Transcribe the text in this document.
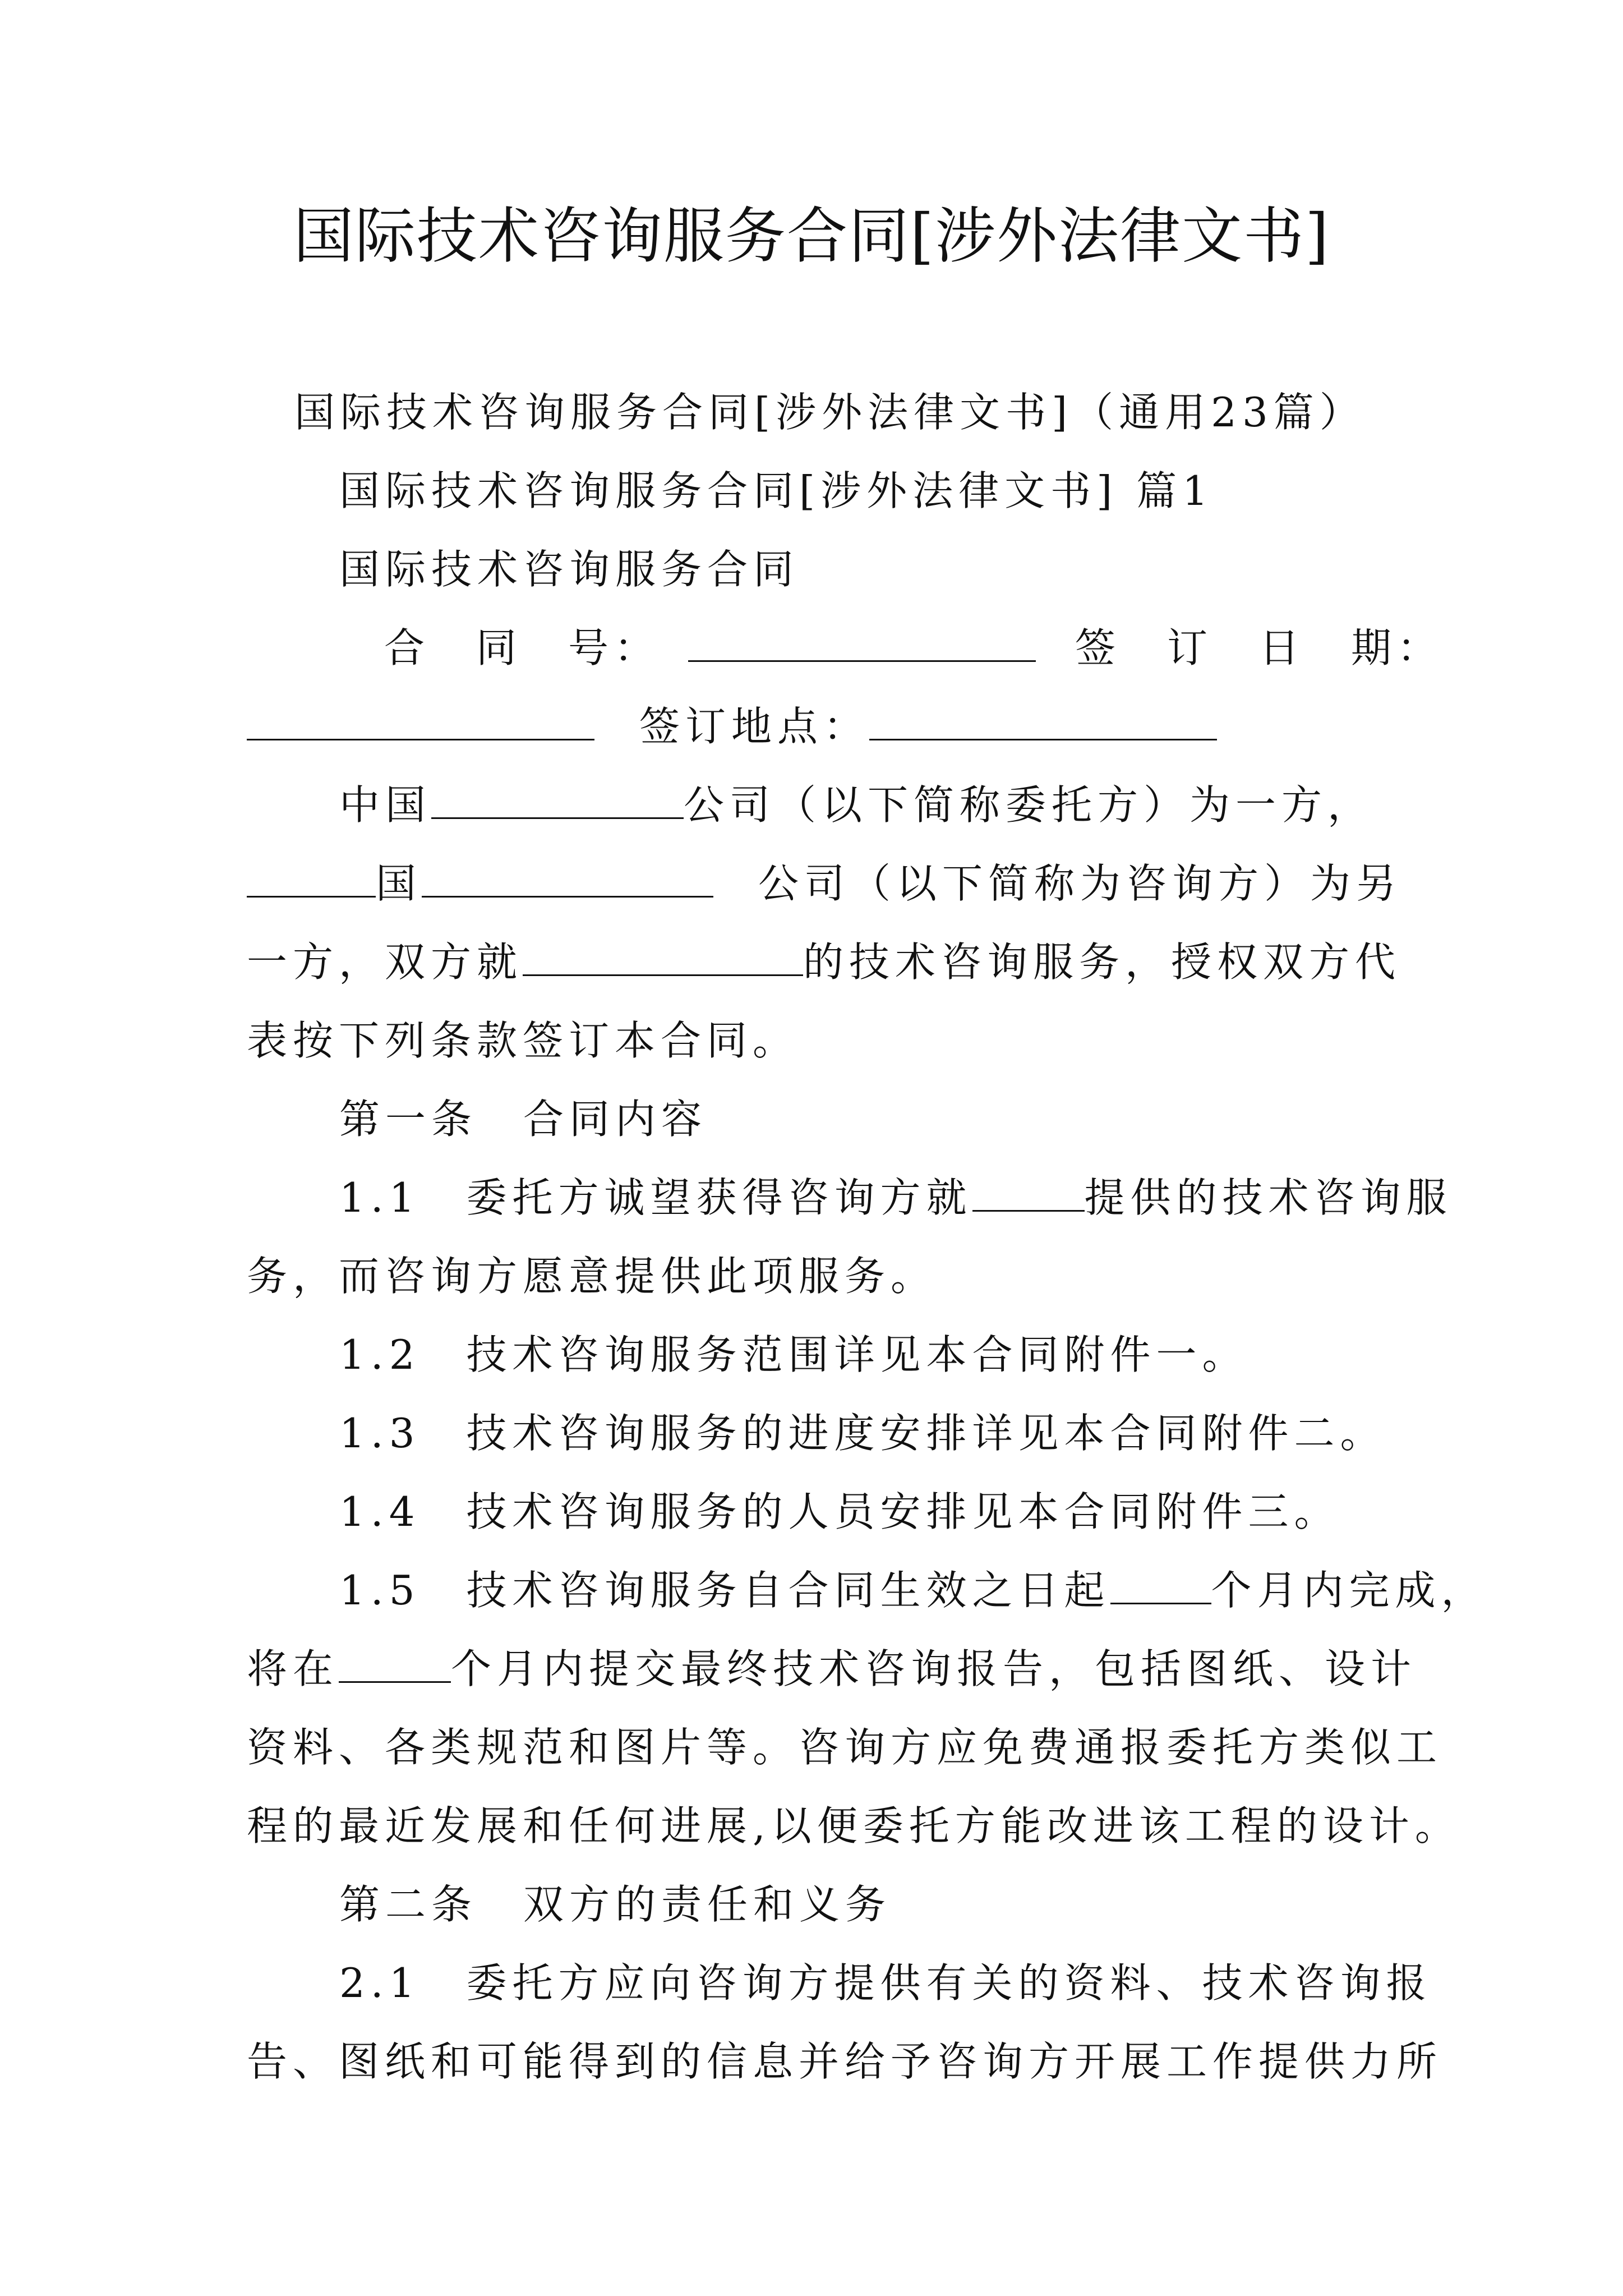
国际技术咨询服务合同[涉外法律文书]
国际技术咨询服务合同[涉外法律文书]（通用23篇）
国际技术咨询服务合同[涉外法律文书] 篇1
国际技术咨询服务合同
合　同　号：	签　订　日　期：
签订地点：
中国	公司（以下简称委托方）为一方，
国	公司（以下简称为咨询方）为另
一方，双方就	的技术咨询服务，授权双方代
表按下列条款签订本合同。
第一条　合同内容
1.1　委托方诚望获得咨询方就	提供的技术咨询服
务，而咨询方愿意提供此项服务。
1.2　技术咨询服务范围详见本合同附件一。
1.3　技术咨询服务的进度安排详见本合同附件二。
1.4　技术咨询服务的人员安排见本合同附件三。
1.5　技术咨询服务自合同生效之日起	个月内完成，
将在	个月内提交最终技术咨询报告，包括图纸、设计
资料、各类规范和图片等。咨询方应免费通报委托方类似工
程的最近发展和任何进展,以便委托方能改进该工程的设计。
第二条　双方的责任和义务
2.1　委托方应向咨询方提供有关的资料、技术咨询报
告、图纸和可能得到的信息并给予咨询方开展工作提供力所
